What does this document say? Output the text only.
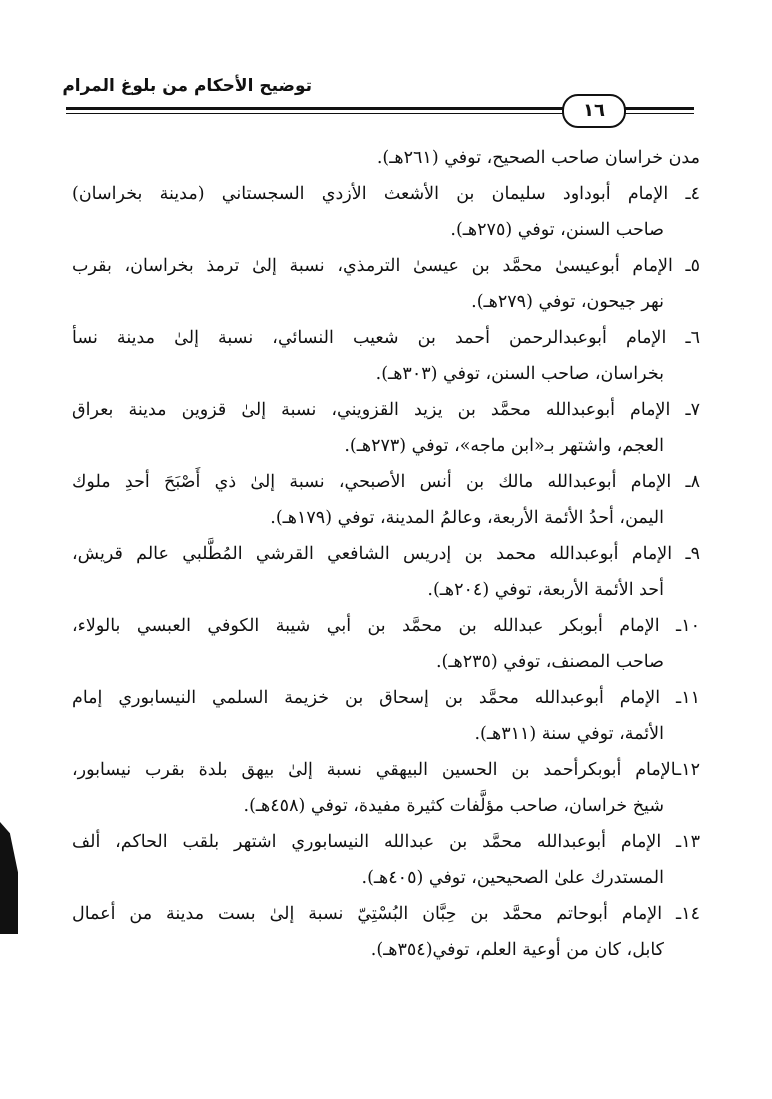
توضيح الأحكام من بلوغ المرام
١٦
مدن خراسان صاحب الصحيح، توفي (٢٦١هـ).
٤ـ الإمام أبوداود سليمان بن الأشعث الأزدي السجستاني (مدينة بخراسان)
صاحب السنن، توفي (٢٧٥هـ).
٥ـ الإمام أبوعيسىٰ محمَّد بن عيسىٰ الترمذي، نسبة إلىٰ ترمذ بخراسان، بقرب
نهر جيحون، توفي (٢٧٩هـ).
٦ـ الإمام أبوعبدالرحمن أحمد بن شعيب النسائي، نسبة إلىٰ مدينة نسأ
بخراسان، صاحب السنن، توفي (٣٠٣هـ).
٧ـ الإمام أبوعبدالله محمَّد بن يزيد القزويني، نسبة إلىٰ قزوين مدينة بعراق
العجم، واشتهر بـ«ابن ماجه»، توفي (٢٧٣هـ).
٨ـ الإمام أبوعبدالله مالك بن أنس الأصبحي، نسبة إلىٰ ذي أَصْبَحَ أحدِ ملوك
اليمن، أحدُ الأئمة الأربعة، وعالمُ المدينة، توفي (١٧٩هـ).
٩ـ الإمام أبوعبدالله محمد بن إدريس الشافعي القرشي المُطَّلبي عالم قريش،
أحد الأئمة الأربعة، توفي (٢٠٤هـ).
١٠ـ الإمام أبوبكر عبدالله بن محمَّد بن أبي شيبة الكوفي العبسي بالولاء،
صاحب المصنف، توفي (٢٣٥هـ).
١١ـ الإمام أبوعبدالله محمَّد بن إسحاق بن خزيمة السلمي النيسابوري إمام
الأئمة، توفي سنة (٣١١هـ).
١٢ـالإمام أبوبكرأحمد بن الحسين البيهقي نسبة إلىٰ بيهق بلدة بقرب نيسابور،
شيخ خراسان، صاحب مؤلَّفات كثيرة مفيدة، توفي (٤٥٨هـ).
١٣ـ الإمام أبوعبدالله محمَّد بن عبدالله النيسابوري اشتهر بلقب الحاكم، ألف
المستدرك علىٰ الصحيحين، توفي (٤٠٥هـ).
١٤ـ الإمام أبوحاتم محمَّد بن حِبَّان البُسْتِيّ نسبة إلىٰ بست مدينة من أعمال
كابل، كان من أوعية العلم، توفي(٣٥٤هـ).
